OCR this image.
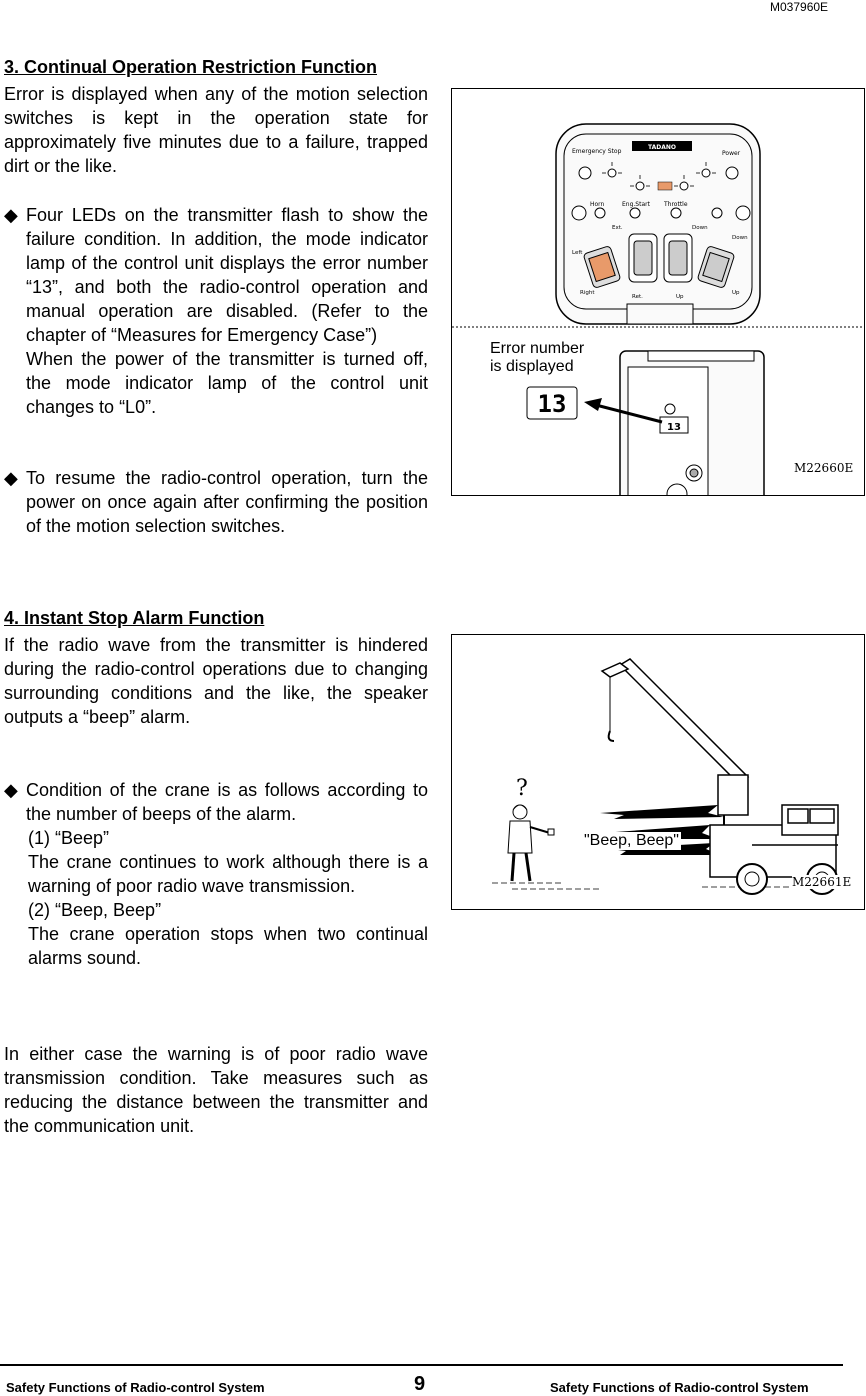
M037960E
3. Continual Operation Restriction Function
Error is displayed when any of the motion selection switches is kept in the operation state for approximately five minutes due to a failure, trapped dirt or the like.
◆ Four LEDs on the transmitter flash to show the failure condition. In addition, the mode indicator lamp of the control unit displays the error number “13”, and both the radio-control operation and manual operation are disabled. (Refer to the chapter of “Measures for Emergency Case”)
When the power of the transmitter is turned off, the mode indicator lamp of the control unit changes to “L0”.
◆ To resume the radio-control operation, turn the power on once again after confirming the position of the motion selection switches.
Emergency Stop
TADANO
Power
Horn	Eng.Start Throttle
Ext.	Down
Down
Left
Right
Ret.	Up
Up
13
13
Error number is displayed
M22660E
4. Instant Stop Alarm Function
If the radio wave from the transmitter is hindered during the radio-control operations due to changing surrounding conditions and the like, the speaker outputs a “beep” alarm.
◆ Condition of the crane is as follows according to the number of beeps of the alarm.
(1) “Beep”
The crane continues to work although there is a warning of poor radio wave transmission.
(2) “Beep, Beep”
The crane operation stops when two continual alarms sound.
In either case the warning is of poor radio wave transmission condition. Take measures such as reducing the distance between the transmitter and the communication unit.
?
"Beep, Beep"
M22661E
Safety Functions of Radio-control System	9	Safety Functions of Radio-control System
